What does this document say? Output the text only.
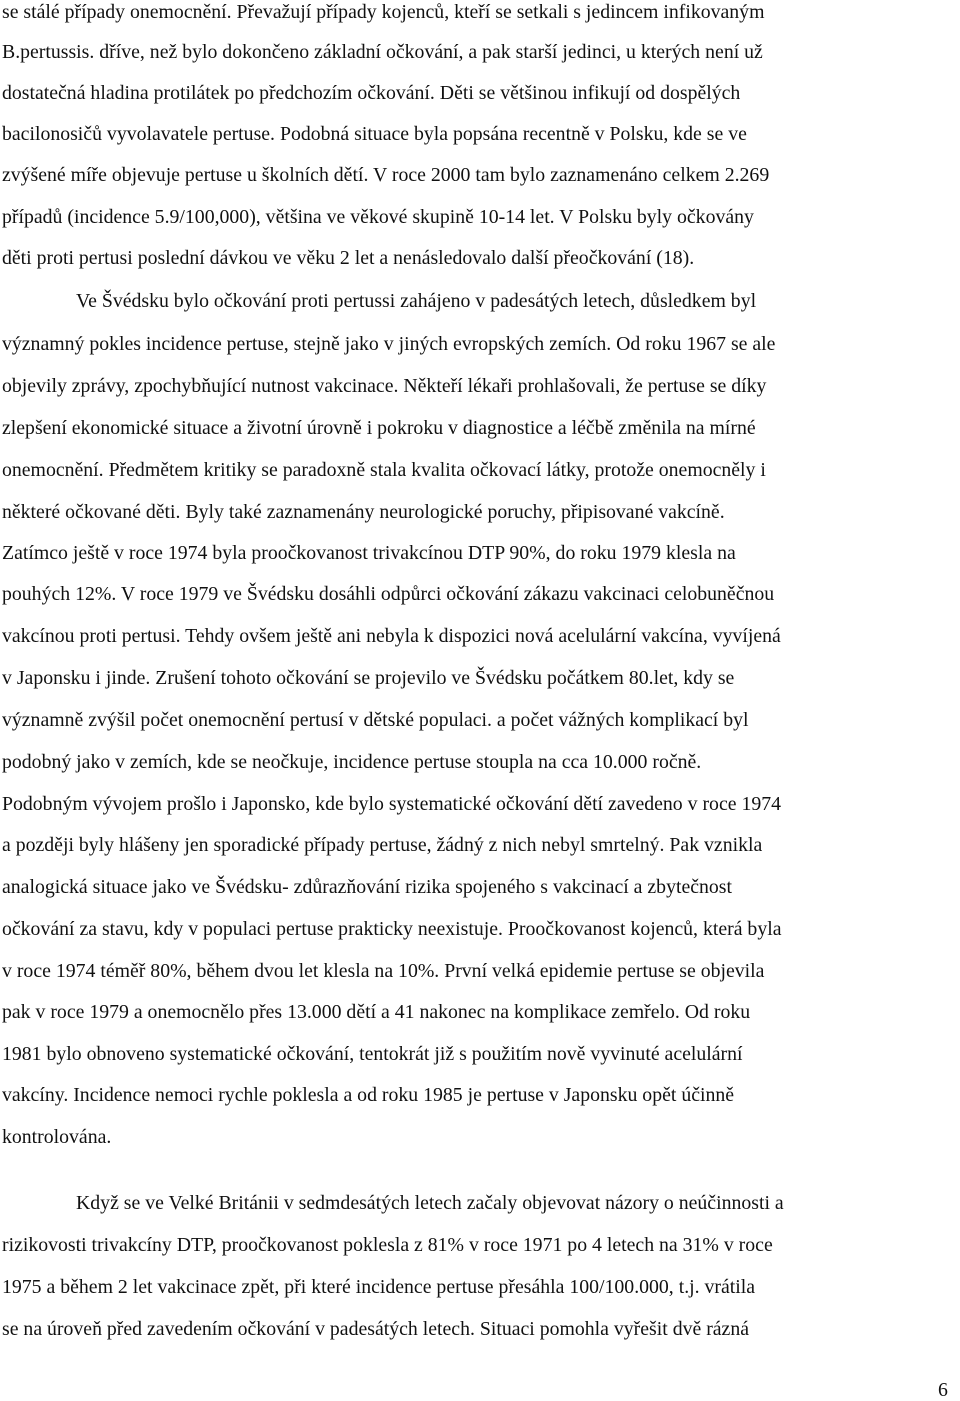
se stálé případy onemocnění. Převažují případy kojenců, kteří se setkali s jedincem infikovaným
B.pertussis. dříve, než bylo dokončeno základní očkování, a pak starší jedinci, u kterých není už
dostatečná hladina protilátek po předchozím očkování. Děti se většinou infikují od dospělých
bacilonosičů vyvolavatele pertuse. Podobná situace byla popsána recentně v Polsku, kde se ve
zvýšené míře objevuje pertuse u školních dětí. V roce 2000 tam bylo zaznamenáno celkem 2.269
případů (incidence 5.9/100,000), většina ve věkové skupině 10-14 let. V Polsku byly očkovány
děti proti pertusi poslední dávkou ve věku 2 let a nenásledovalo další přeočkování (18).
Ve Švédsku bylo očkování proti pertussi zahájeno v padesátých letech, důsledkem byl
významný pokles incidence pertuse, stejně jako v jiných evropských zemích. Od roku 1967 se ale
objevily zprávy, zpochybňující nutnost vakcinace. Někteří lékaři prohlašovali, že pertuse se díky
zlepšení ekonomické situace a životní úrovně i pokroku v diagnostice a léčbě změnila na mírné
onemocnění. Předmětem kritiky se paradoxně stala kvalita očkovací látky, protože onemocněly i
některé očkované děti. Byly také zaznamenány neurologické poruchy, připisované vakcíně.
Zatímco ještě v roce 1974 byla proočkovanost trivakcínou DTP 90%, do roku 1979 klesla na
pouhých 12%. V roce 1979 ve Švédsku dosáhli odpůrci očkování zákazu vakcinaci celobuněčnou
vakcínou proti pertusi. Tehdy ovšem ještě ani nebyla k dispozici nová acelulární vakcína, vyvíjená
v Japonsku i jinde. Zrušení tohoto očkování se projevilo ve Švédsku počátkem 80.let, kdy se
významně zvýšil počet onemocnění pertusí v dětské populaci. a počet vážných komplikací byl
podobný jako v zemích, kde se neočkuje, incidence pertuse stoupla na cca 10.000 ročně.
Podobným vývojem prošlo i Japonsko, kde bylo systematické očkování dětí zavedeno v roce 1974
a později byly hlášeny jen sporadické případy pertuse, žádný z nich nebyl smrtelný. Pak vznikla
analogická situace jako ve Švédsku- zdůrazňování rizika spojeného s vakcinací a zbytečnost
očkování za stavu, kdy v populaci pertuse prakticky neexistuje. Proočkovanost kojenců, která byla
v roce 1974 téměř 80%, během dvou let klesla na 10%. První velká epidemie pertuse se objevila
pak v roce 1979 a onemocnělo přes 13.000 dětí a 41 nakonec na komplikace zemřelo. Od roku
1981 bylo obnoveno systematické očkování, tentokrát již s použitím nově vyvinuté acelulární
vakcíny. Incidence nemoci rychle poklesla a od roku 1985 je pertuse v Japonsku opět účinně
kontrolována.
Když se ve Velké Británii v sedmdesátých letech začaly objevovat názory o neúčinnosti a
rizikovosti trivakcíny DTP, proočkovanost poklesla z 81% v roce 1971 po 4 letech na 31% v roce
1975 a během 2 let vakcinace zpět, při které incidence pertuse přesáhla 100/100.000, t.j. vrátila
se na úroveň před zavedením očkování v padesátých letech. Situaci pomohla vyřešit dvě rázná
6
